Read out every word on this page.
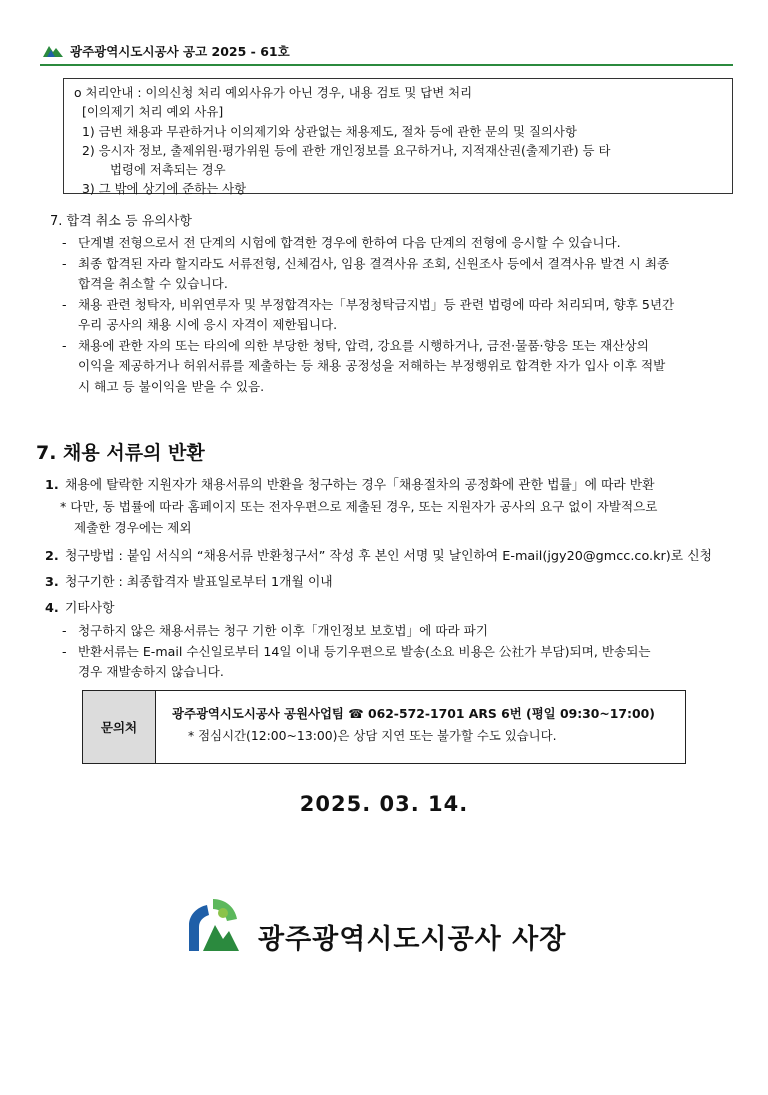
광주광역시도시공사 공고 2025 - 61호
o 처리안내 : 이의신청 처리 예외사유가 아닌 경우, 내용 검토 및 답변 처리
[이의제기 처리 예외 사유]
1) 금번 채용과 무관하거나 이의제기와 상관없는 채용제도, 절차 등에 관한 문의 및 질의사항
2) 응시자 정보, 출제위원·평가위원 등에 관한 개인정보를 요구하거나, 지적재산권(출제기관) 등 타
법령에 저촉되는 경우
3) 그 밖에 상기에 준하는 사항
7. 합격 취소 등 유의사항
- 단계별 전형으로서 전 단계의 시험에 합격한 경우에 한하여 다음 단계의 전형에 응시할 수 있습니다.
- 최종 합격된 자라 할지라도 서류전형, 신체검사, 임용 결격사유 조회, 신원조사 등에서 결격사유 발견 시 최종
합격을 취소할 수 있습니다.
- 채용 관련 청탁자, 비위연루자 및 부정합격자는「부정청탁금지법」등 관련 법령에 따라 처리되며, 향후 5년간
우리 공사의 채용 시에 응시 자격이 제한됩니다.
- 채용에 관한 자의 또는 타의에 의한 부당한 청탁, 압력, 강요를 시행하거나, 금전·물품·향응 또는 재산상의
이익을 제공하거나 허위서류를 제출하는 등 채용 공정성을 저해하는 부정행위로 합격한 자가 입사 이후 적발
시 해고 등 불이익을 받을 수 있음.
7. 채용 서류의 반환
1. 채용에 탈락한 지원자가 채용서류의 반환을 청구하는 경우「채용절차의 공정화에 관한 법률」에 따라 반환
* 다만, 동 법률에 따라 홈페이지 또는 전자우편으로 제출된 경우, 또는 지원자가 공사의 요구 없이 자발적으로
제출한 경우에는 제외
2. 청구방법 : 붙임 서식의 “채용서류 반환청구서” 작성 후 본인 서명 및 날인하여 E-mail(jgy20@gmcc.co.kr)로 신청
3. 청구기한 : 최종합격자 발표일로부터 1개월 이내
4. 기타사항
- 청구하지 않은 채용서류는 청구 기한 이후「개인정보 보호법」에 따라 파기
- 반환서류는 E-mail 수신일로부터 14일 이내 등기우편으로 발송(소요 비용은 公社가 부담)되며, 반송되는
경우 재발송하지 않습니다.
문의처
광주광역시도시공사 공원사업팀 ☎ 062-572-1701 ARS 6번 (평일 09:30~17:00)
* 점심시간(12:00~13:00)은 상담 지연 또는 불가할 수도 있습니다.
2025. 03. 14.
광주광역시도시공사 사장
